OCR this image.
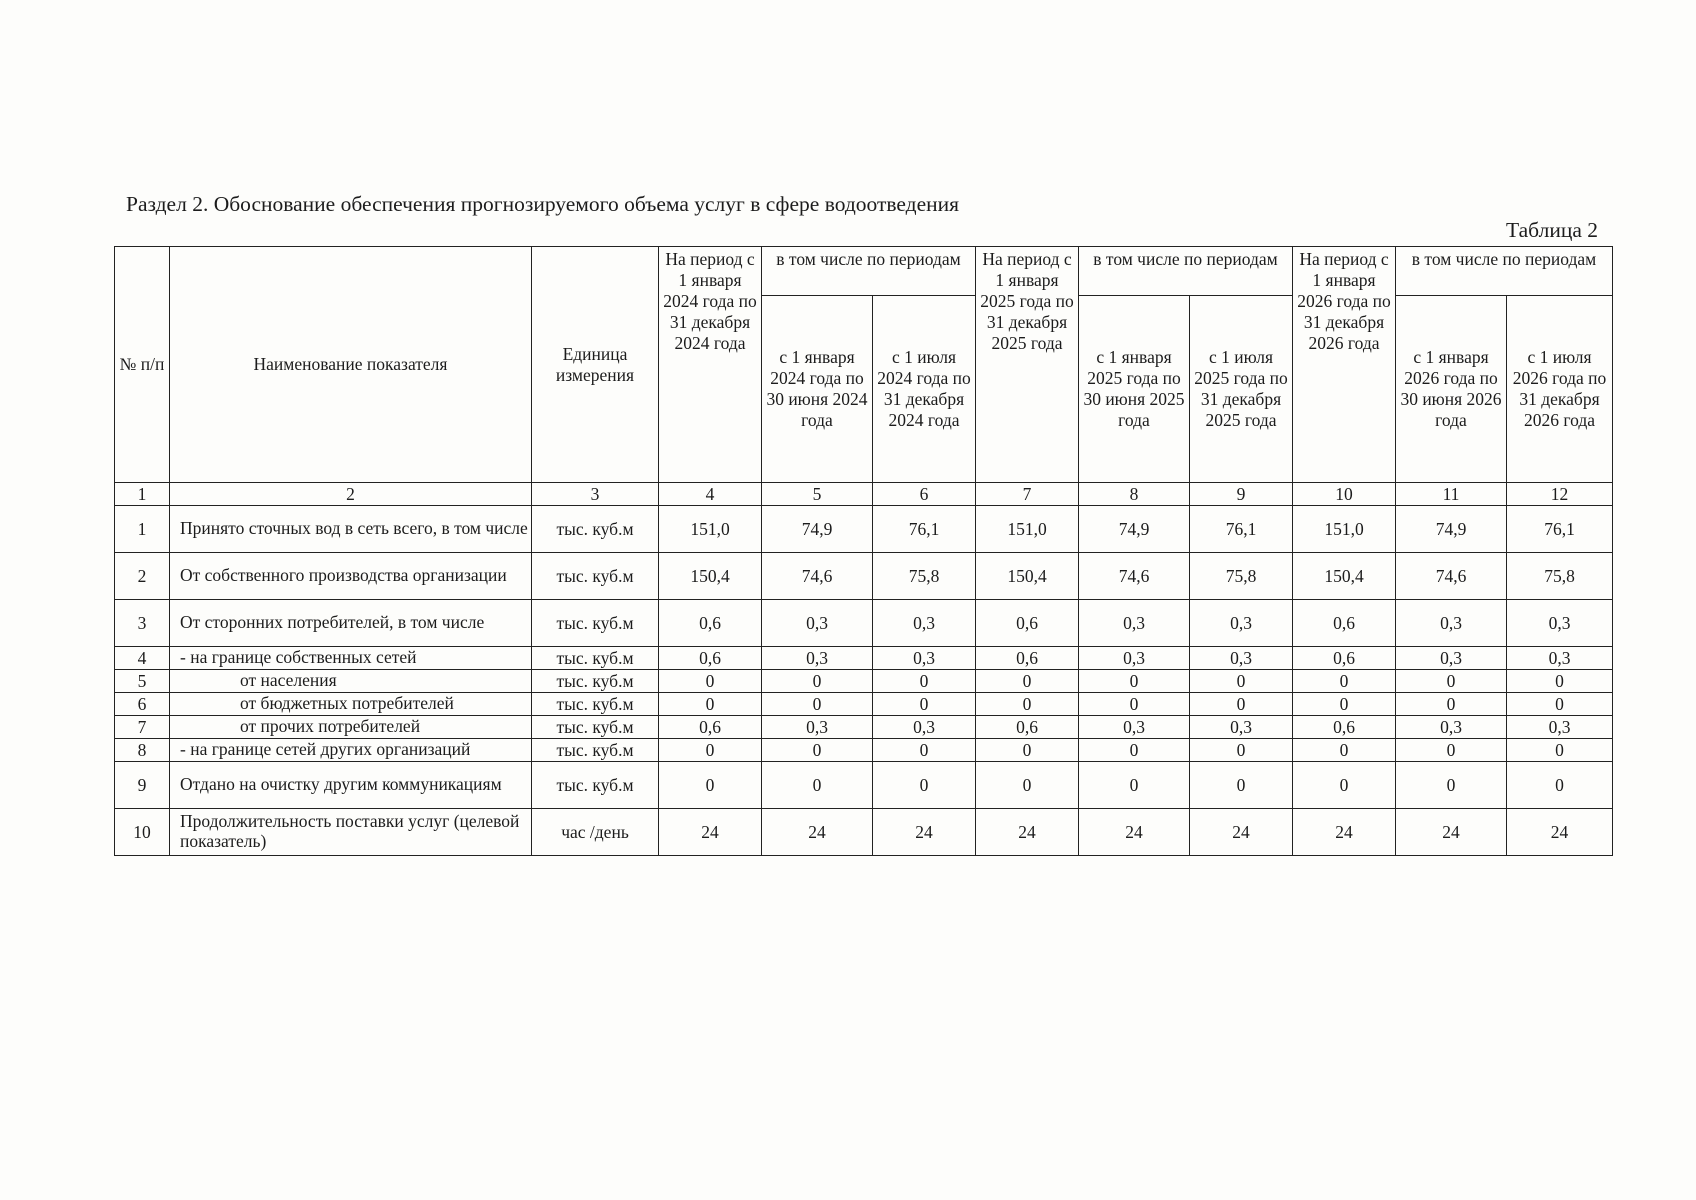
Раздел 2. Обоснование обеспечения прогнозируемого объема услуг в сфере водоотведения
Таблица 2
№ п/п	Наименование показателя	Единица измерения	На период с 1 января 2024 года по 31 декабря 2024 года	в том числе по периодам		На период с 1 января 2025 года по 31 декабря 2025 года	в том числе по периодам		На период с 1 января 2026 года по 31 декабря 2026 года	в том числе по периодам	
				с 1 января 2024 года по 30 июня 2024 года	с 1 июля 2024 года по 31 декабря 2024 года		с 1 января 2025 года по 30 июня 2025 года	с 1 июля 2025 года по 31 декабря 2025 года		с 1 января 2026 года по 30 июня 2026 года	с 1 июля 2026 года по 31 декабря 2026 года
1	2	3	4	5	6	7	8	9	10	11	12
1	Принято сточных вод в сеть всего, в том числе	тыс. куб.м	151,0	74,9	76,1	151,0	74,9	76,1	151,0	74,9	76,1
2	От собственного производства организации	тыс. куб.м	150,4	74,6	75,8	150,4	74,6	75,8	150,4	74,6	75,8
3	От сторонних потребителей, в том числе	тыс. куб.м	0,6	0,3	0,3	0,6	0,3	0,3	0,6	0,3	0,3
4	- на границе собственных сетей	тыс. куб.м	0,6	0,3	0,3	0,6	0,3	0,3	0,6	0,3	0,3
5	от населения	тыс. куб.м	0	0	0	0	0	0	0	0	0
6	от бюджетных потребителей	тыс. куб.м	0	0	0	0	0	0	0	0	0
7	от прочих потребителей	тыс. куб.м	0,6	0,3	0,3	0,6	0,3	0,3	0,6	0,3	0,3
8	- на границе сетей других организаций	тыс. куб.м	0	0	0	0	0	0	0	0	0
9	Отдано на очистку другим коммуникациям	тыс. куб.м	0	0	0	0	0	0	0	0	0
10	Продолжительность поставки услуг (целевой показатель)	час /день	24	24	24	24	24	24	24	24	24
